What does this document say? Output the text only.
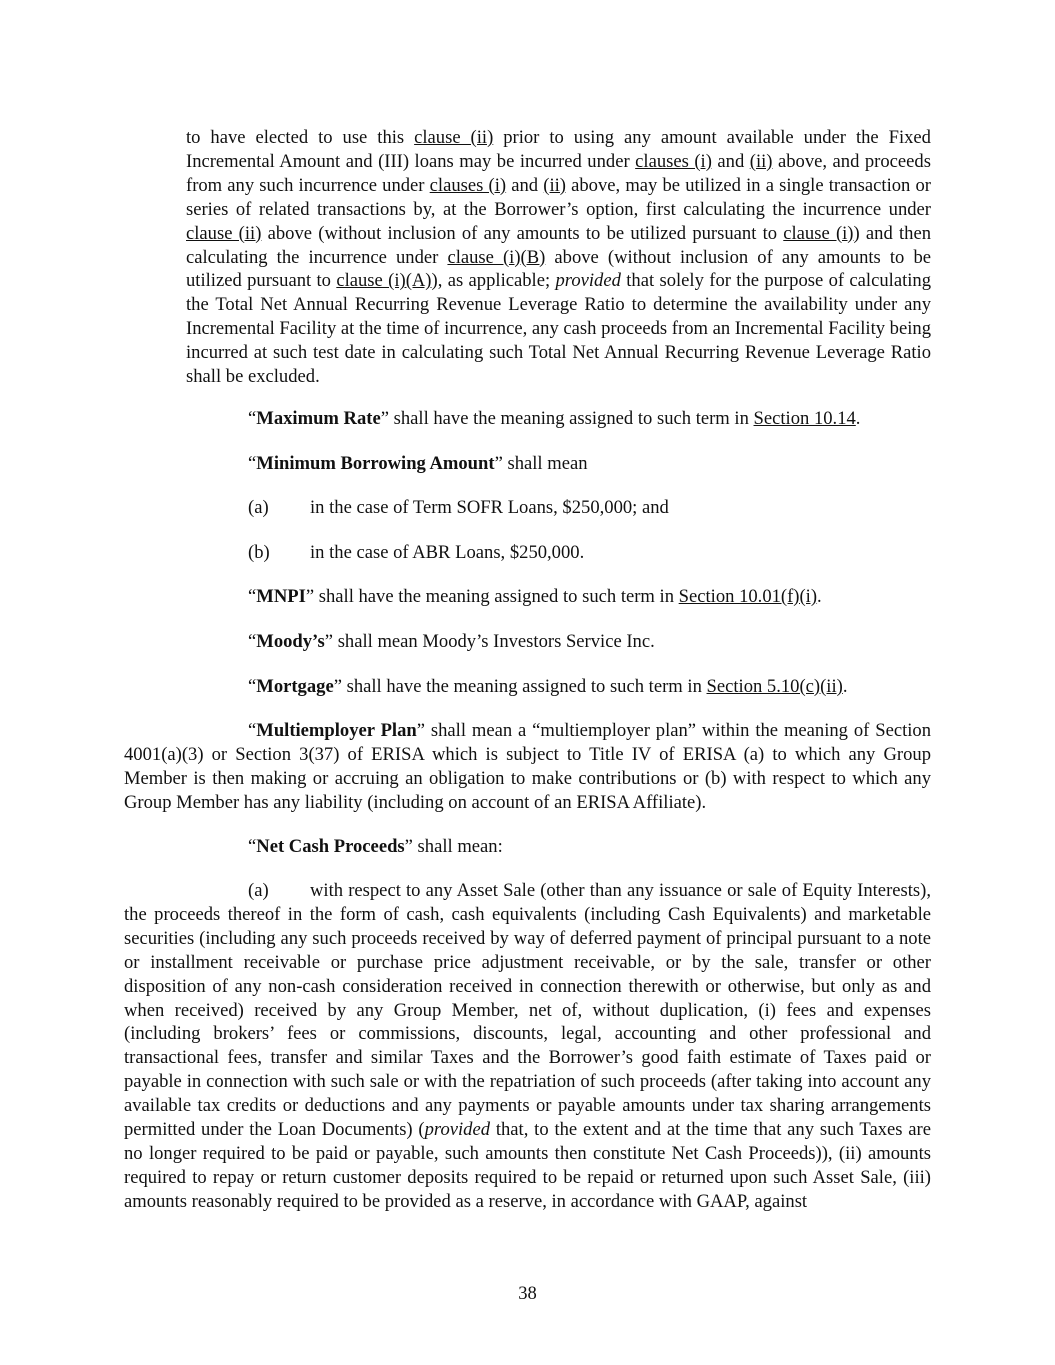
to have elected to use this clause (ii) prior to using any amount available under the Fixed Incremental Amount and (III) loans may be incurred under clauses (i) and (ii) above, and proceeds from any such incurrence under clauses (i) and (ii) above, may be utilized in a single transaction or series of related transactions by, at the Borrower’s option, first calculating the incurrence under clause (ii) above (without inclusion of any amounts to be utilized pursuant to clause (i)) and then calculating the incurrence under clause (i)(B) above (without inclusion of any amounts to be utilized pursuant to clause (i)(A)), as applicable; provided that solely for the purpose of calculating the Total Net Annual Recurring Revenue Leverage Ratio to determine the availability under any Incremental Facility at the time of incurrence, any cash proceeds from an Incremental Facility being incurred at such test date in calculating such Total Net Annual Recurring Revenue Leverage Ratio shall be excluded.

“Maximum Rate” shall have the meaning assigned to such term in Section 10.14.

“Minimum Borrowing Amount” shall mean

(a) in the case of Term SOFR Loans, $250,000; and

(b) in the case of ABR Loans, $250,000.

“MNPI” shall have the meaning assigned to such term in Section 10.01(f)(i).

“Moody’s” shall mean Moody’s Investors Service Inc.

“Mortgage” shall have the meaning assigned to such term in Section 5.10(c)(ii).

“Multiemployer Plan” shall mean a “multiemployer plan” within the meaning of Section 4001(a)(3) or Section 3(37) of ERISA which is subject to Title IV of ERISA (a) to which any Group Member is then making or accruing an obligation to make contributions or (b) with respect to which any Group Member has any liability (including on account of an ERISA Affiliate).

“Net Cash Proceeds” shall mean:

(a) with respect to any Asset Sale (other than any issuance or sale of Equity Interests), the proceeds thereof in the form of cash, cash equivalents (including Cash Equivalents) and marketable securities (including any such proceeds received by way of deferred payment of principal pursuant to a note or installment receivable or purchase price adjustment receivable, or by the sale, transfer or other disposition of any non-cash consideration received in connection therewith or otherwise, but only as and when received) received by any Group Member, net of, without duplication, (i) fees and expenses (including brokers’ fees or commissions, discounts, legal, accounting and other professional and transactional fees, transfer and similar Taxes and the Borrower’s good faith estimate of Taxes paid or payable in connection with such sale or with the repatriation of such proceeds (after taking into account any available tax credits or deductions and any payments or payable amounts under tax sharing arrangements permitted under the Loan Documents) (provided that, to the extent and at the time that any such Taxes are no longer required to be paid or payable, such amounts then constitute Net Cash Proceeds)), (ii) amounts required to repay or return customer deposits required to be repaid or returned upon such Asset Sale, (iii) amounts reasonably required to be provided as a reserve, in accordance with GAAP, against

38
